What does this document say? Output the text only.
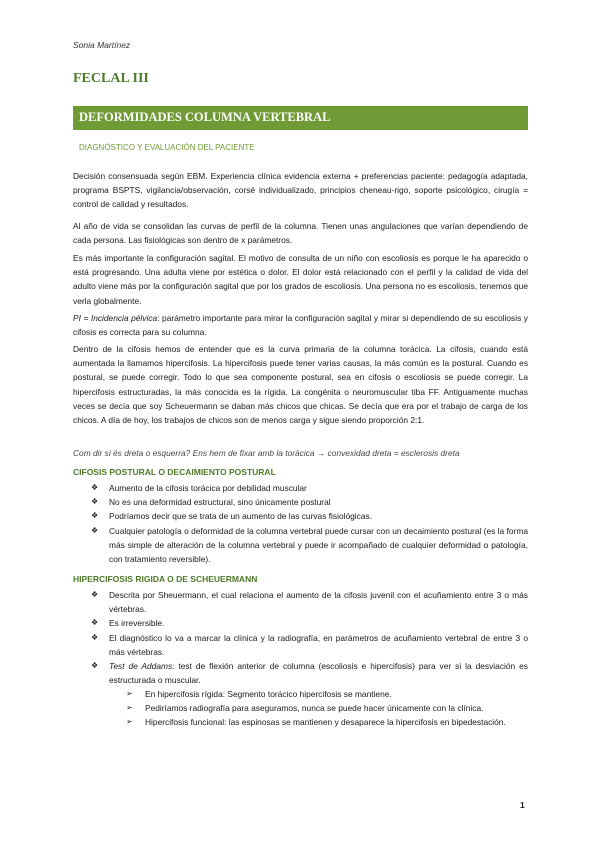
Sonia Martínez
FECLAL III
DEFORMIDADES COLUMNA VERTEBRAL
DIAGNÓSTICO Y EVALUACIÓN DEL PACIENTE

Decisión consensuada según EBM. Experiencia clínica evidencia externa + preferencias paciente: pedagogía adaptada, programa BSPTS, vigilancia/observación, corsé individualizado, principios cheneau-rigo, soporte psicológico, cirugía = control de calidad y resultados.

Al año de vida se consolidan las curvas de perfil de la columna. Tienen unas angulaciones que varían dependiendo de cada persona. Las fisiológicas son dentro de x parámetros.

Es más importante la configuración sagital. El motivo de consulta de un niño con escoliosis es porque le ha aparecido o está progresando. Una adulta viene por estética o dolor. El dolor está relacionado con el perfil y la calidad de vida del adulto viene más por la configuración sagital que por los grados de escoliosis. Una persona no es escoliosis, tenemos que verla globalmente.

PI = Incidencia pélvica: parámetro importante para mirar la configuración sagital y mirar si dependiendo de su escoliosis y cifosis es correcta para su columna.

Dentro de la cifosis hemos de entender que es la curva primaria de la columna torácica. La cifosis, cuando está aumentada la llamamos hipercifosis. La hipercifosis puede tener varias causas, la más común es la postural. Cuando es postural, se puede corregir. Todo lo que sea componente postural, sea en cifosis o escoliosis se puede corregir. La hipercifosis estructuradas, la más conocida es la rígida. La congénita o neuromuscular tiba FF. Antiguamente muchas veces se decía que soy Scheuermann se daban más chicos que chicas. Se decía que era por el trabajo de carga de los chicos. A día de hoy, los trabajos de chicos son de menos carga y sigue siendo proporción 2:1.

Com dir si és dreta o esquerra? Ens hem de fixar amb la toràcica → convexidad dreta = esclerosis dreta

CIFOSIS POSTURAL O DECAIMIENTO POSTURAL
❖ Aumento de la cifosis torácica por debilidad muscular
❖ No es una deformidad estructural, sino únicamente postural
❖ Podríamos decir que se trata de un aumento de las curvas fisiológicas.
❖ Cualquier patología o deformidad de la columna vertebral puede cursar con un decaimiento postural (es la forma más simple de alteración de la columna vertebral y puede ir acompañado de cualquier deformidad o patología, con tratamiento reversible).
HIPERCIFOSIS RIGIDA O DE SCHEUERMANN
❖ Descrita por Sheuermann, el cual relaciona el aumento de la cifosis juvenil con el acuñamiento entre 3 o más vértebras.
❖ Es irreversible.
❖ El diagnóstico lo va a marcar la clínica y la radiografía, en parámetros de acuñamiento vertebral de entre 3 o más vértebras.
❖ Test de Addams: test de flexión anterior de columna (escoliosis e hipercifosis) para ver si la desviación es estructurada o muscular.
➢ En hipercifosis rígida: Segmento torácico hipercifosis se mantiene.
➢ Pediríamos radiografía para aseguramos, nunca se puede hacer únicamente con la clínica.
➢ Hipercifosis funcional: las espinosas se mantienen y desaparece la hipercifosis en bipedestación.
1
